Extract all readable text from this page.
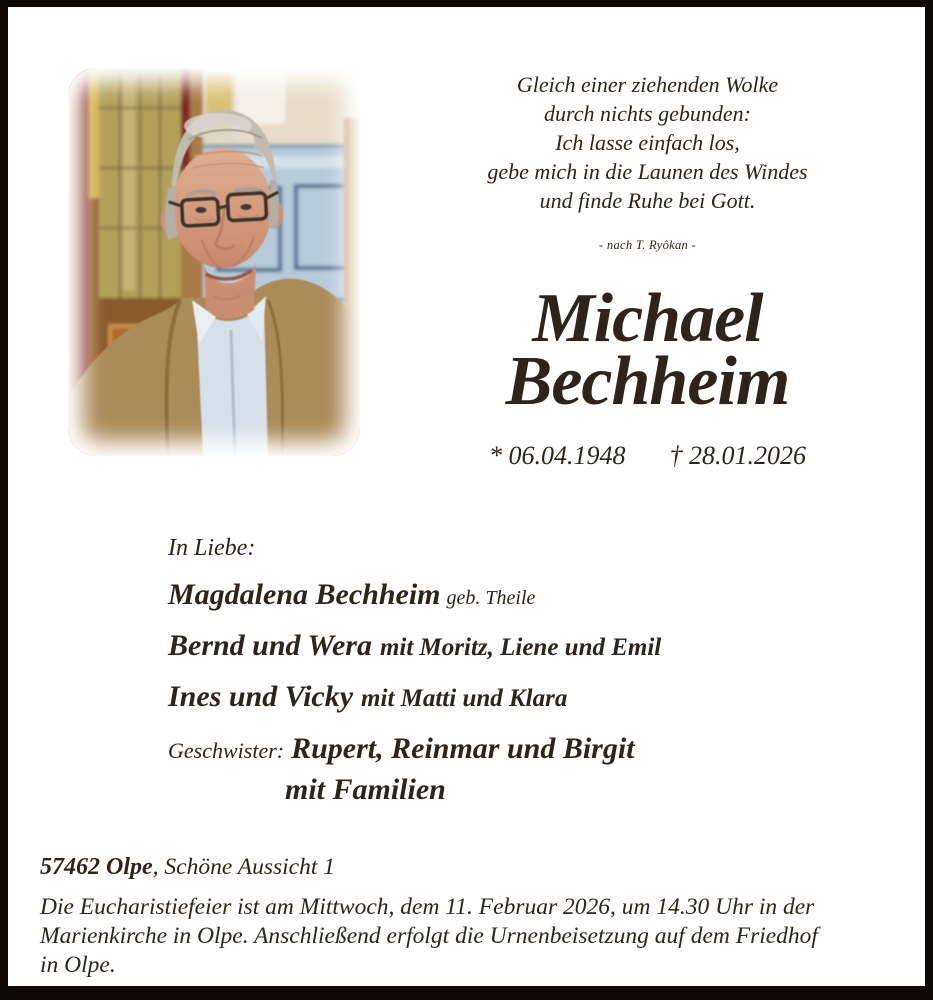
Gleich einer ziehenden Wolke
durch nichts gebunden:
Ich lasse einfach los,
gebe mich in die Launen des Windes
und finde Ruhe bei Gott.
- nach T. Ryôkan -
Michael
Bechheim
* 06.04.1948 † 28.01.2026
In Liebe:
Magdalena Bechheim geb. Theile
Bernd und Wera mit Moritz, Liene und Emil
Ines und Vicky mit Matti und Klara
Geschwister: Rupert, Reinmar und Birgit
mit Familien
57462 Olpe, Schöne Aussicht 1
Die Eucharistiefeier ist am Mittwoch, dem 11. Februar 2026, um 14.30 Uhr in der
Marienkirche in Olpe. Anschließend erfolgt die Urnenbeisetzung auf dem Friedhof
in Olpe.
